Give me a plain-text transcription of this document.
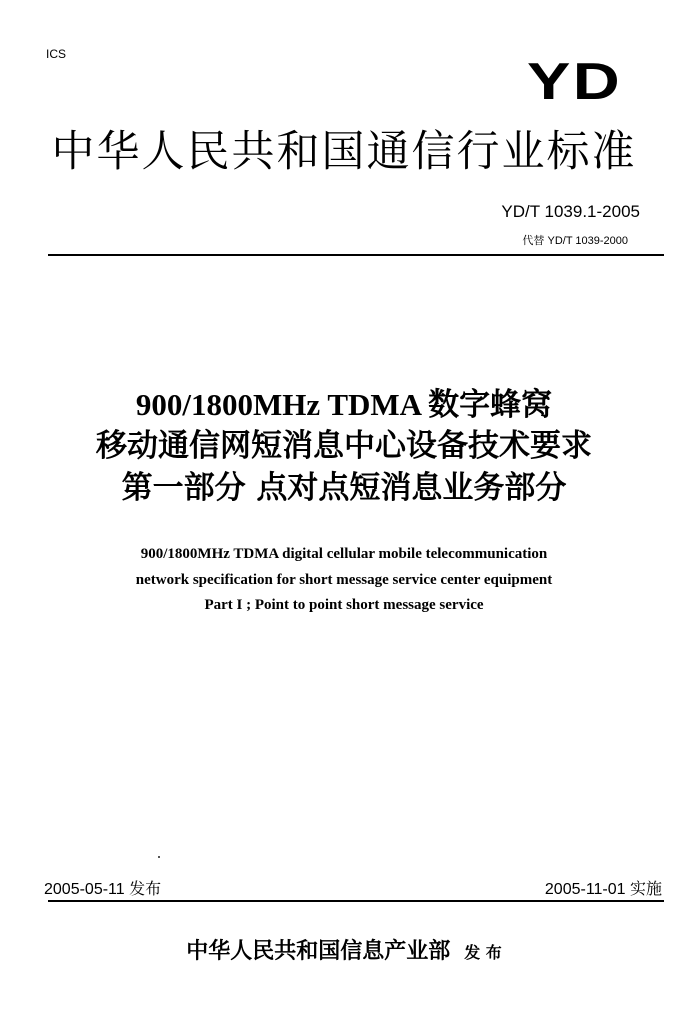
ICS	YD
中华人民共和国通信行业标准
YD/T 1039.1-2005
代替 YD/T 1039-2000
900/1800MHz TDMA 数字蜂窝
移动通信网短消息中心设备技术要求
第一部分 点对点短消息业务部分
900/1800MHz TDMA digital cellular mobile telecommunication
network specification for short message service center equipment
Part I ; Point to point short message service
2005-05-11 发布	2005-11-01 实施
中华人民共和国信息产业部 发 布
